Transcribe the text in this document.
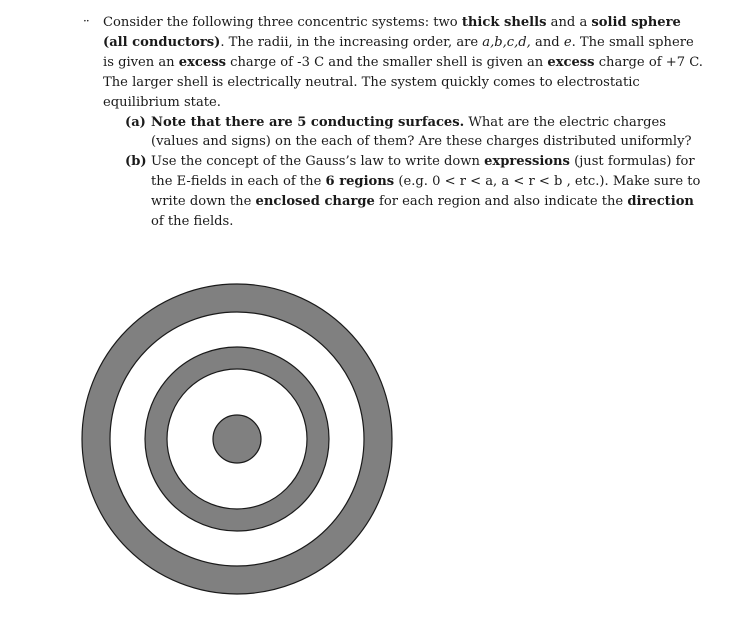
·· Consider the following three concentric systems: two thick shells and a solid sphere (all conductors). The radii, in the increasing order, are a,b,c,d, and e. The small sphere is given an excess charge of -3 C and the smaller shell is given an excess charge of +7 C. The larger shell is electrically neutral. The system quickly comes to electrostatic equilibrium state.

(a) Note that there are 5 conducting surfaces. What are the electric charges (values and signs) on the each of them? Are these charges distributed uniformly?

(b) Use the concept of the Gauss’s law to write down expressions (just formulas) for the E-fields in each of the 6 regions (e.g. 0 < r < a, a < r < b , etc.). Make sure to write down the enclosed charge for each region and also indicate the direction of the fields.
